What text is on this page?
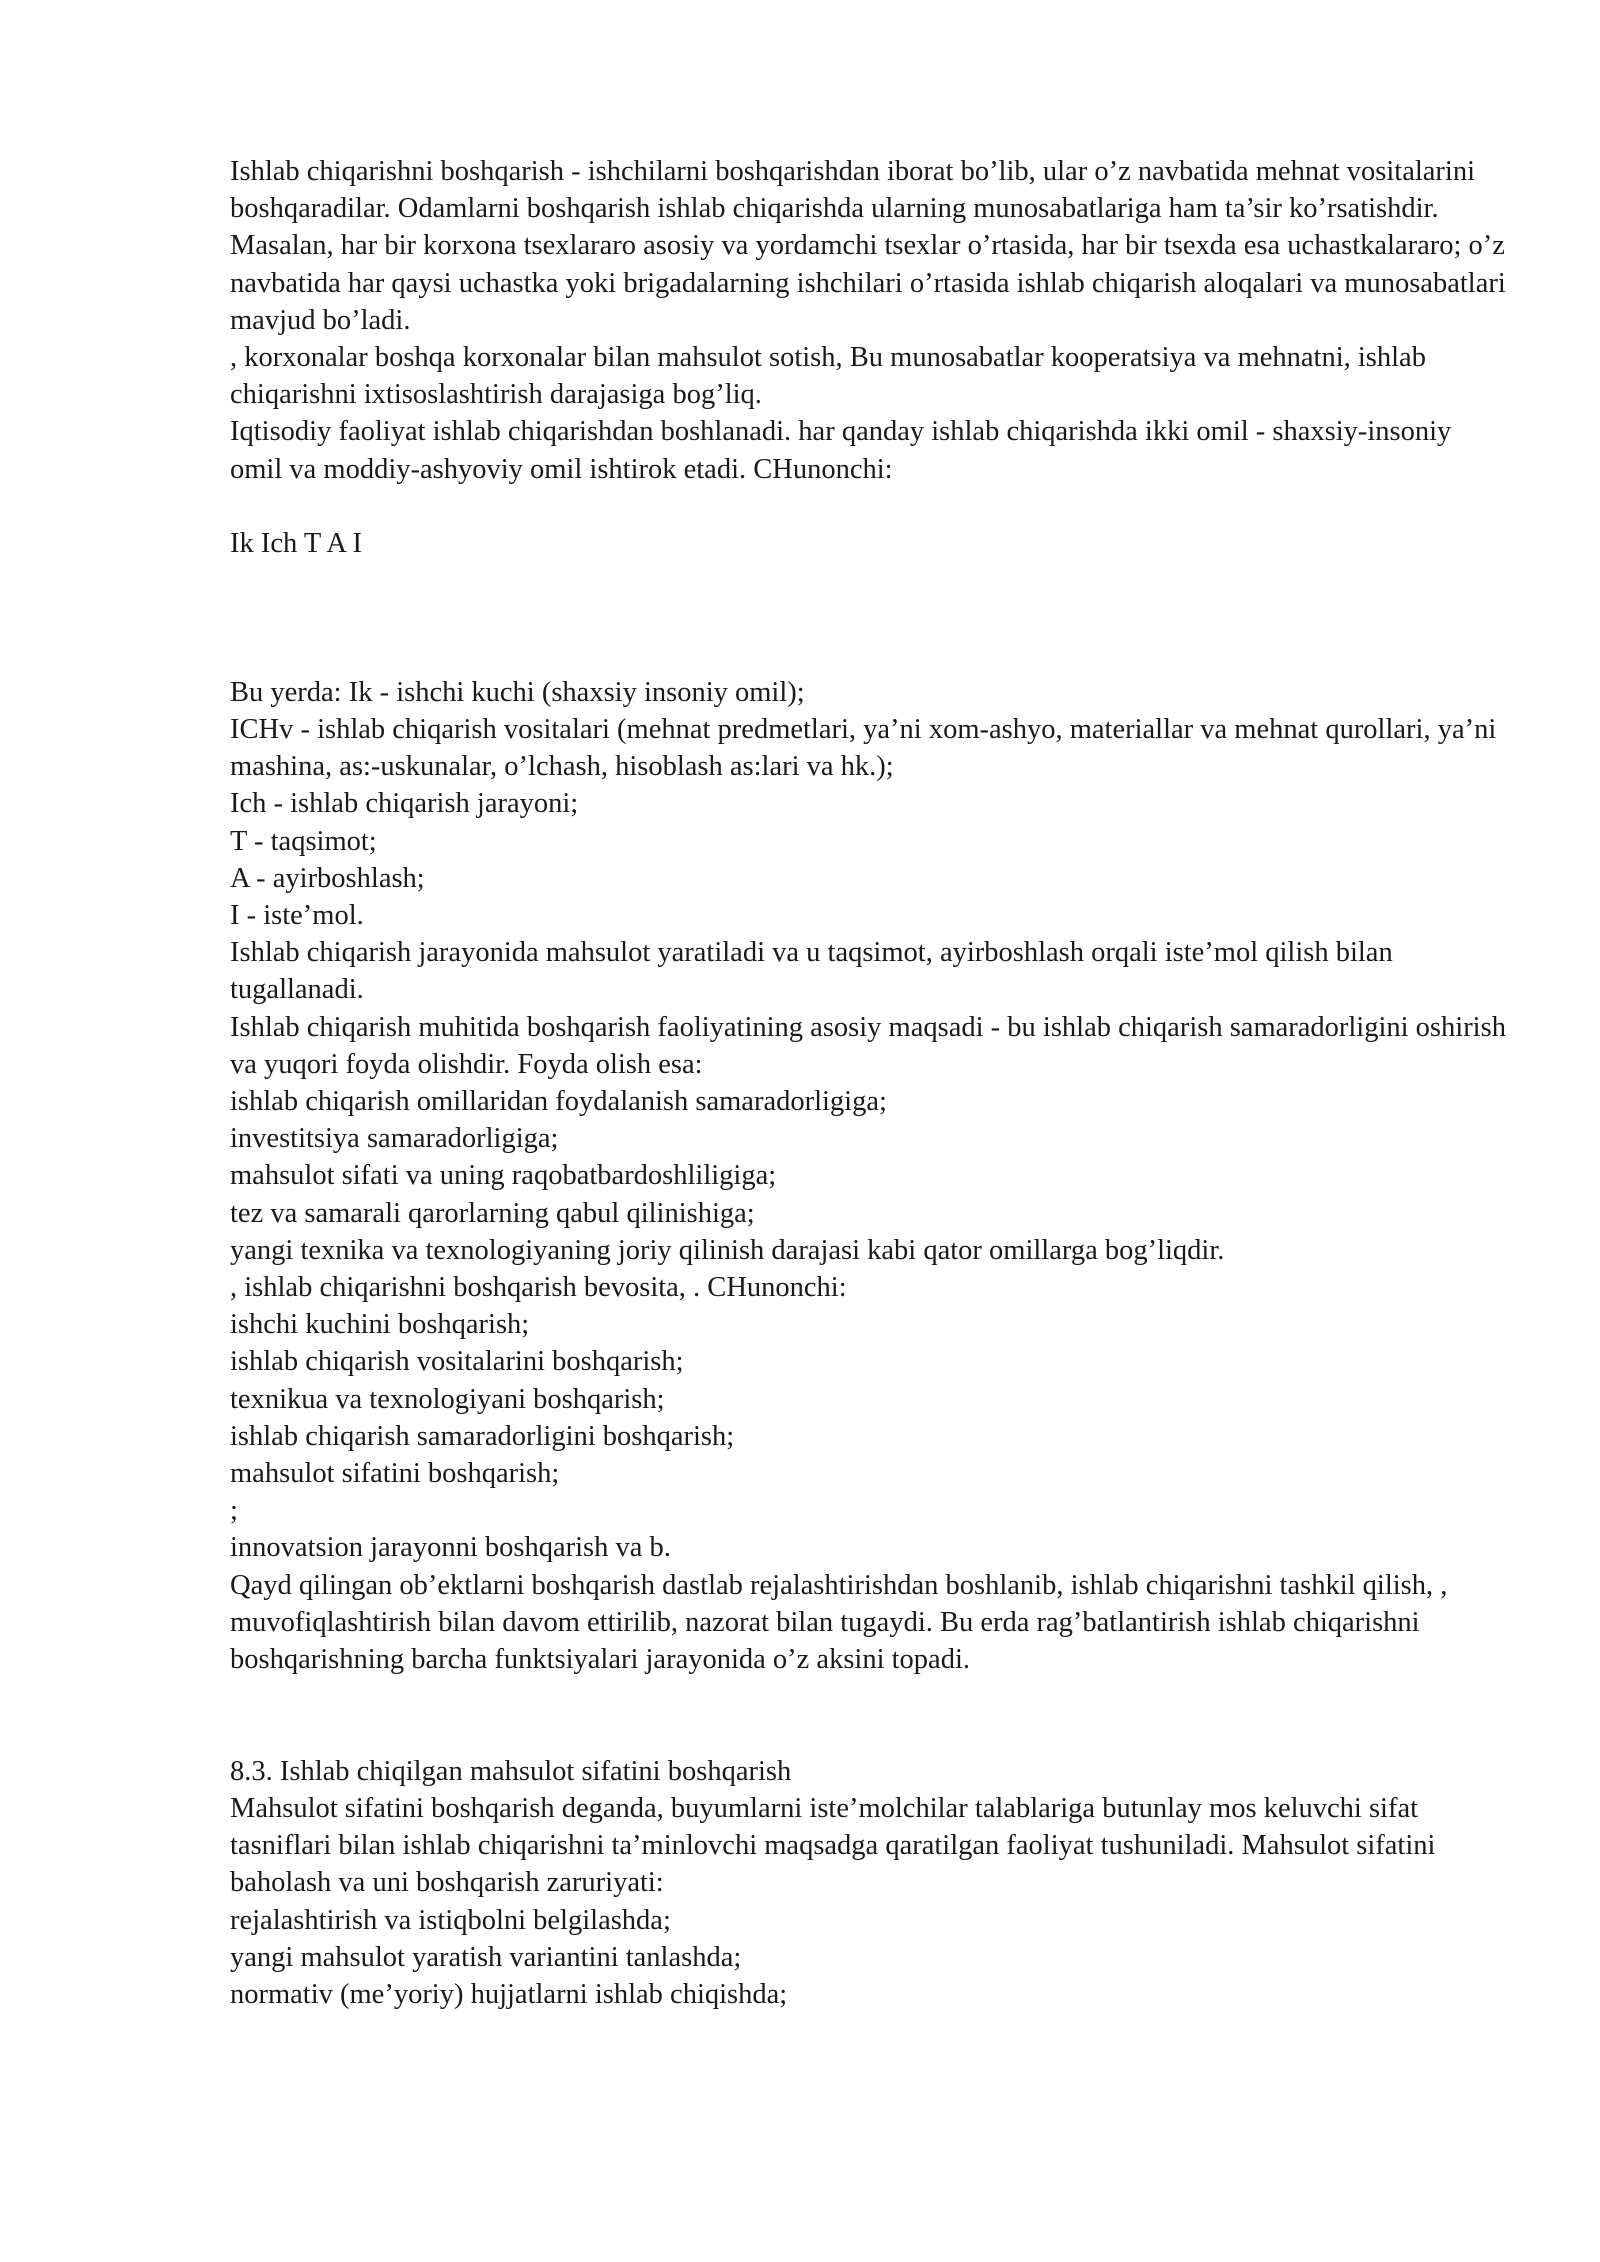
Ishlab chiqarishni boshqarish - ishchilarni boshqarishdan iborat bo’lib, ular o’z navbatida mehnat vositalarini boshqaradilar. Odamlarni boshqarish ishlab chiqarishda ularning munosabatlariga ham ta’sir ko’rsatishdir.

Masalan, har bir korxona tsexlararo asosiy va yordamchi tsexlar o’rtasida, har bir tsexda esa uchastkalararo; o’z navbatida har qaysi uchastka yoki brigadalarning ishchilari o’rtasida ishlab chiqarish aloqalari va munosabatlari mavjud bo’ladi.

, korxonalar boshqa korxonalar bilan mahsulot sotish, Bu munosabatlar kooperatsiya va mehnatni, ishlab chiqarishni ixtisoslashtirish darajasiga bog’liq.

Iqtisodiy faoliyat ishlab chiqarishdan boshlanadi. har qanday ishlab chiqarishda ikki omil - shaxsiy-insoniy omil va moddiy-ashyoviy omil ishtirok etadi. CHunonchi:

Ik Ich T A I

Bu yerda: Ik - ishchi kuchi (shaxsiy insoniy omil);

ICHv - ishlab chiqarish vositalari (mehnat predmetlari, ya’ni xom-ashyo, materiallar va mehnat qurollari, ya’ni mashina, as:-uskunalar, o’lchash, hisoblash as:lari va hk.);

Ich - ishlab chiqarish jarayoni;

T - taqsimot;

A - ayirboshlash;

I - iste’mol.

Ishlab chiqarish jarayonida mahsulot yaratiladi va u taqsimot, ayirboshlash orqali iste’mol qilish bilan tugallanadi.

Ishlab chiqarish muhitida boshqarish faoliyatining asosiy maqsadi - bu ishlab chiqarish samaradorligini oshirish va yuqori foyda olishdir. Foyda olish esa:

ishlab chiqarish omillaridan foydalanish samaradorligiga;

investitsiya samaradorligiga;

mahsulot sifati va uning raqobatbardoshliligiga;

tez va samarali qarorlarning qabul qilinishiga;

yangi texnika va texnologiyaning joriy qilinish darajasi kabi qator omillarga bog’liqdir.

, ishlab chiqarishni boshqarish bevosita, . CHunonchi:

ishchi kuchini boshqarish;

ishlab chiqarish vositalarini boshqarish;

texnikua va texnologiyani boshqarish;

ishlab chiqarish samaradorligini boshqarish;

mahsulot sifatini boshqarish;

;

innovatsion jarayonni boshqarish va b.

Qayd qilingan ob’ektlarni boshqarish dastlab rejalashtirishdan boshlanib, ishlab chiqarishni tashkil qilish, , muvofiqlashtirish bilan davom ettirilib, nazorat bilan tugaydi. Bu erda rag’batlantirish ishlab chiqarishni boshqarishning barcha funktsiyalari jarayonida o’z aksini topadi.

8.3. Ishlab chiqilgan mahsulot sifatini boshqarish

Mahsulot sifatini boshqarish deganda, buyumlarni iste’molchilar talablariga butunlay mos keluvchi sifat tasniflari bilan ishlab chiqarishni ta’minlovchi maqsadga qaratilgan faoliyat tushuniladi. Mahsulot sifatini baholash va uni boshqarish zaruriyati:

rejalashtirish va istiqbolni belgilashda;

yangi mahsulot yaratish variantini tanlashda;

normativ (me’yoriy) hujjatlarni ishlab chiqishda;
